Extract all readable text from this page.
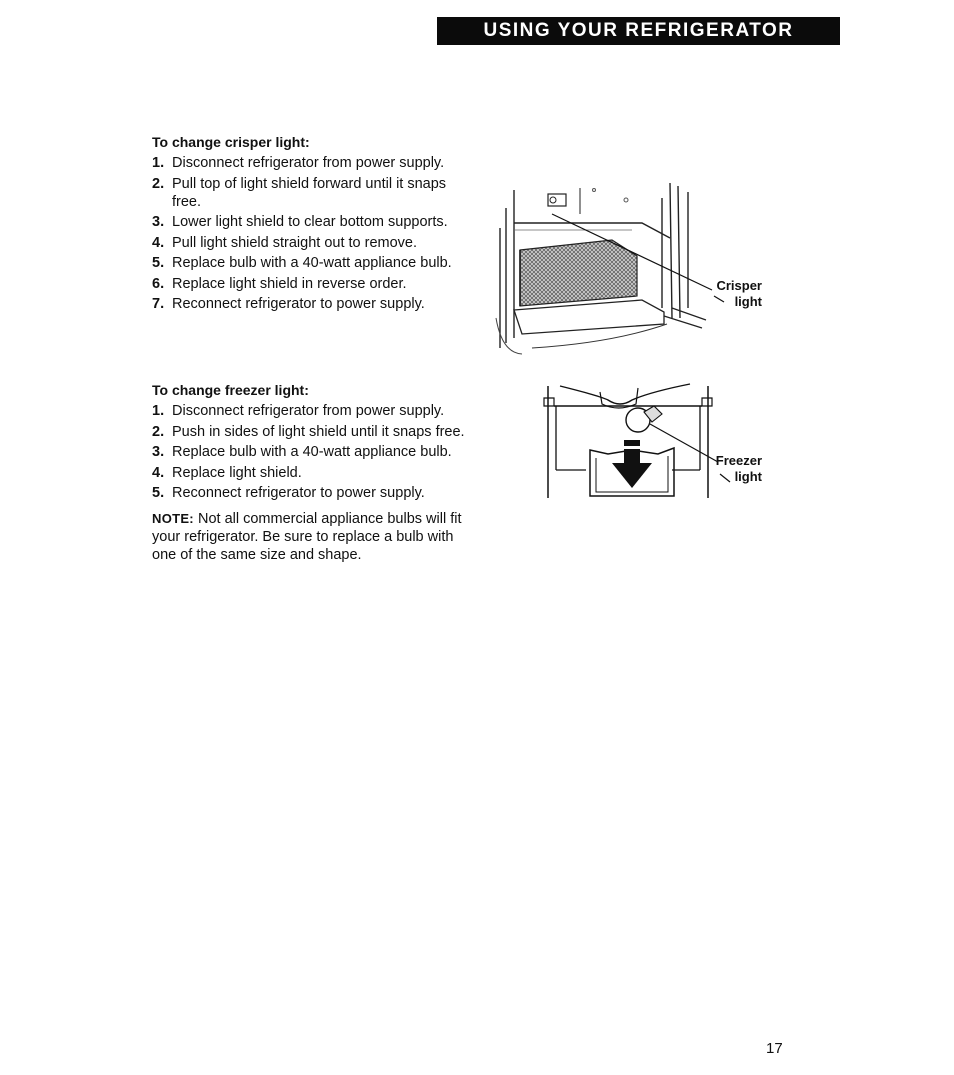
USING YOUR REFRIGERATOR
To change crisper light:
1. Disconnect refrigerator from power supply.
2. Pull top of light shield forward until it snaps free.
3. Lower light shield to clear bottom supports.
4. Pull light shield straight out to remove.
5. Replace bulb with a 40-watt appliance bulb.
6. Replace light shield in reverse order.
7. Reconnect refrigerator to power supply.
Crisper
light
To change freezer light:
1. Disconnect refrigerator from power supply.
2. Push in sides of light shield until it snaps free.
3. Replace bulb with a 40-watt appliance bulb.
4. Replace light shield.
5. Reconnect refrigerator to power supply.
NOTE: Not all commercial appliance bulbs will fit your refrigerator. Be sure to replace a bulb with one of the same size and shape.
Freezer
light
17
